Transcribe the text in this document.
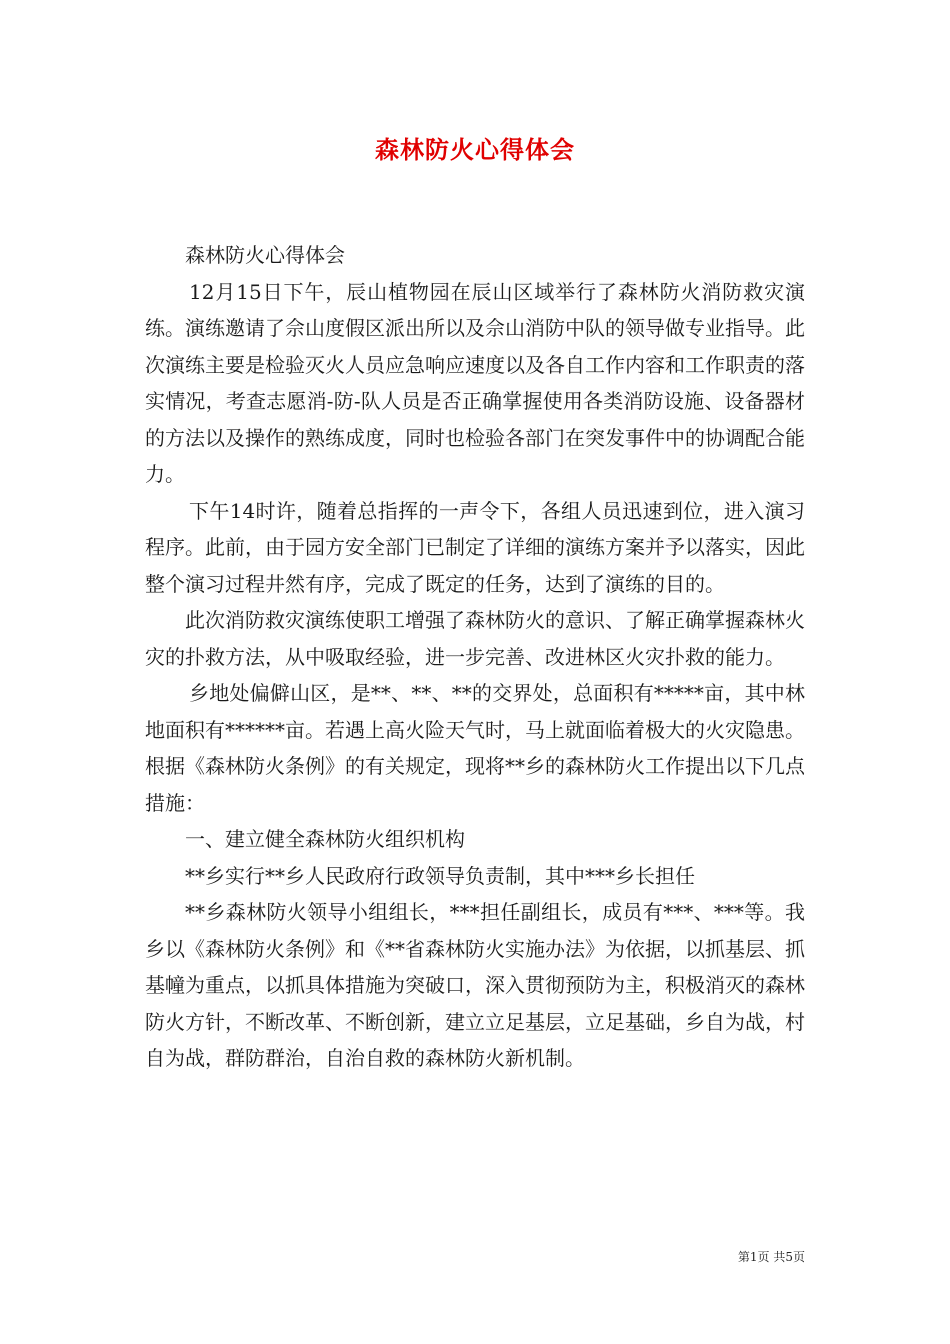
森林防火心得体会

森林防火心得体会

12月15日下午，辰山植物园在辰山区域举行了森林防火消防救灾演练。演练邀请了佘山度假区派出所以及佘山消防中队的领导做专业指导。此次演练主要是检验灭火人员应急响应速度以及各自工作内容和工作职责的落实情况，考查志愿消-防-队人员是否正确掌握使用各类消防设施、设备器材的方法以及操作的熟练成度，同时也检验各部门在突发事件中的协调配合能力。

下午14时许，随着总指挥的一声令下，各组人员迅速到位，进入演习程序。此前，由于园方安全部门已制定了详细的演练方案并予以落实，因此整个演习过程井然有序，完成了既定的任务，达到了演练的目的。

此次消防救灾演练使职工增强了森林防火的意识、了解正确掌握森林火灾的扑救方法，从中吸取经验，进一步完善、改进林区火灾扑救的能力。

乡地处偏僻山区，是**、**、**的交界处，总面积有*****亩，其中林地面积有******亩。若遇上高火险天气时，马上就面临着极大的火灾隐患。根据《森林防火条例》的有关规定，现将**乡的森林防火工作提出以下几点措施：

一、建立健全森林防火组织机构

**乡实行**乡人民政府行政领导负责制，其中***乡长担任

**乡森林防火领导小组组长，***担任副组长，成员有***、***等。我乡以《森林防火条例》和《**省森林防火实施办法》为依据，以抓基层、抓基幢为重点，以抓具体措施为突破口，深入贯彻预防为主，积极消灭的森林防火方针，不断改革、不断创新，建立立足基层，立足基础，乡自为战，村自为战，群防群治，自治自救的森林防火新机制。

第1页 共5页
